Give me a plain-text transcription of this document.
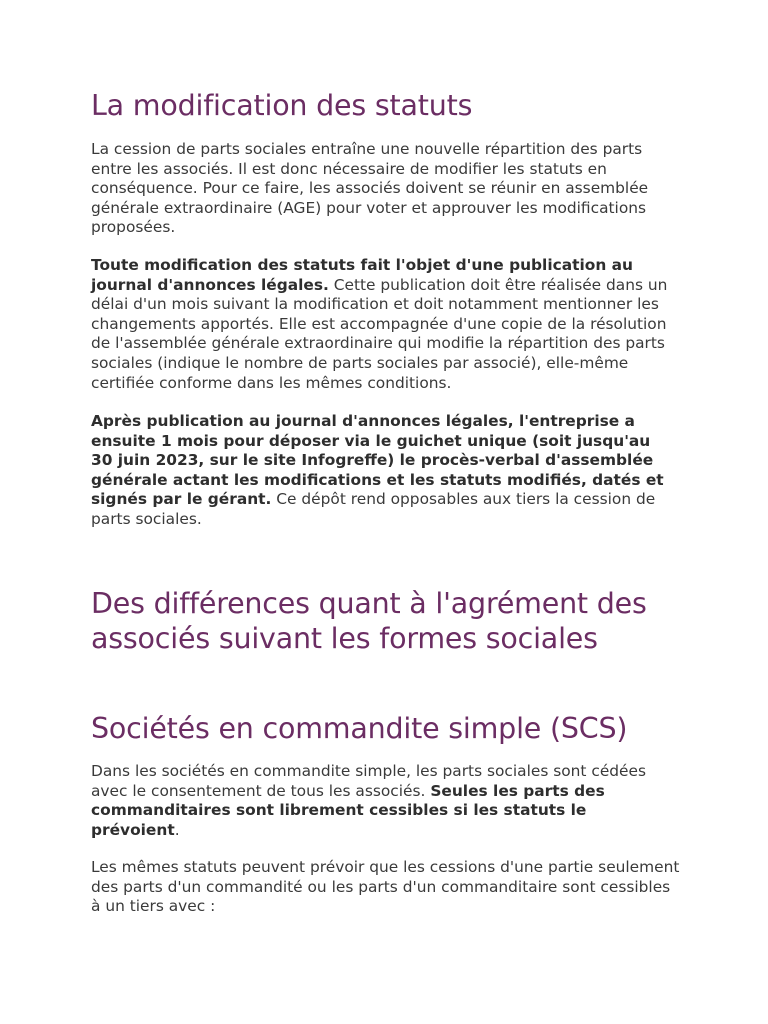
La modification des statuts

La cession de parts sociales entraîne une nouvelle répartition des parts
entre les associés. Il est donc nécessaire de modifier les statuts en
conséquence. Pour ce faire, les associés doivent se réunir en assemblée
générale extraordinaire (AGE) pour voter et approuver les modifications
proposées.

Toute modification des statuts fait l'objet d'une publication au
journal d'annonces légales. Cette publication doit être réalisée dans un
délai d'un mois suivant la modification et doit notamment mentionner les
changements apportés. Elle est accompagnée d'une copie de la résolution
de l'assemblée générale extraordinaire qui modifie la répartition des parts
sociales (indique le nombre de parts sociales par associé), elle-même
certifiée conforme dans les mêmes conditions.

Après publication au journal d'annonces légales, l'entreprise a
ensuite 1 mois pour déposer via le guichet unique (soit jusqu'au
30 juin 2023, sur le site Infogreffe) le procès-verbal d'assemblée
générale actant les modifications et les statuts modifiés, datés et
signés par le gérant. Ce dépôt rend opposables aux tiers la cession de
parts sociales.

Des différences quant à l'agrément des
associés suivant les formes sociales
Sociétés en commandite simple (SCS)

Dans les sociétés en commandite simple, les parts sociales sont cédées
avec le consentement de tous les associés. Seules les parts des
commanditaires sont librement cessibles si les statuts le
prévoient.

Les mêmes statuts peuvent prévoir que les cessions d'une partie seulement
des parts d'un commandité ou les parts d'un commanditaire sont cessibles
à un tiers avec :
